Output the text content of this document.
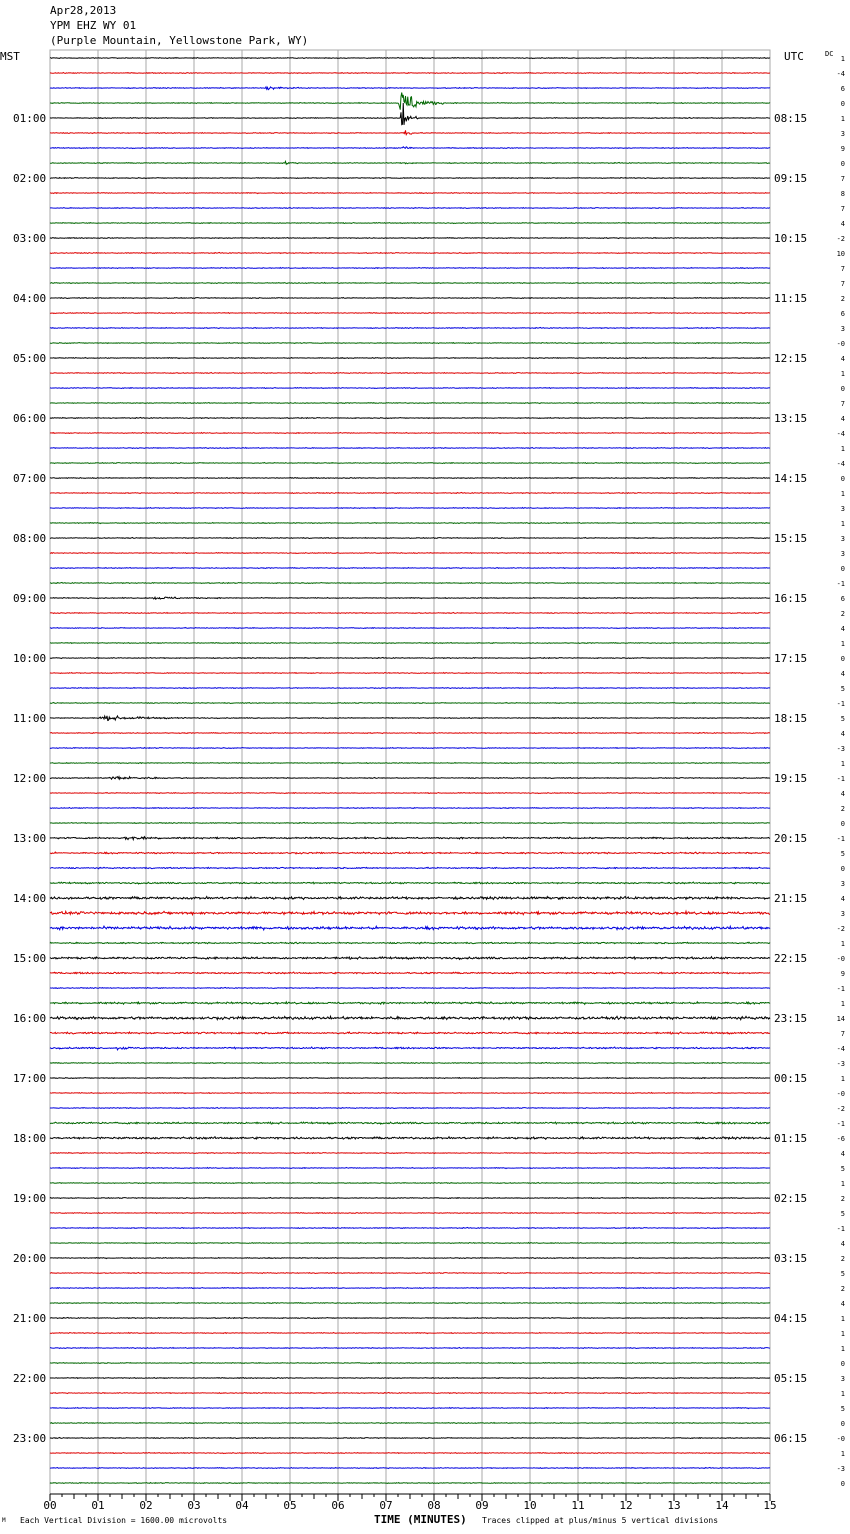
Apr28,2013
YPM EHZ WY 01
(Purple Mountain, Yellowstone Park, WY)
MST	UTC	DC
01:00
02:00
03:00
04:00
05:00
06:00
07:00
08:00
09:00
10:00
11:00
12:00
13:00
14:00
15:00
16:00
17:00
18:00
19:00
20:00
21:00
22:00
23:00
08:15
09:15
10:15
11:15
12:15
13:15
14:15
15:15
16:15
17:15
18:15
19:15
20:15
21:15
22:15
23:15
00:15
01:15
02:15
03:15
04:15
05:15
06:15
1
-4
6
0
1
3
9
0
7
8
7
4
-2
10
7
7
2
6
3
-0
4
1
0
7
4
-4
1
-4
0
1
3
1
3
3
0
-1
6
2
4
1
0
4
5
-1
5
4
-3
1
-1
4
2
0
-1
5
0
3
4
3
-2
1
-0
9
-1
1
14
7
-4
-3
1
-0
-2
-1
-6
4
5
1
2
5
-1
4
2
5
2
4
1
1
1
0
3
1
5
0
-0
1
-3
0
00	01	02	03	04	05	06	07	08	09	10	11	12	13	14	15
M Each Vertical Division = 1600.00 microvolts	TIME (MINUTES) Traces clipped at plus/minus 5 vertical divisions
